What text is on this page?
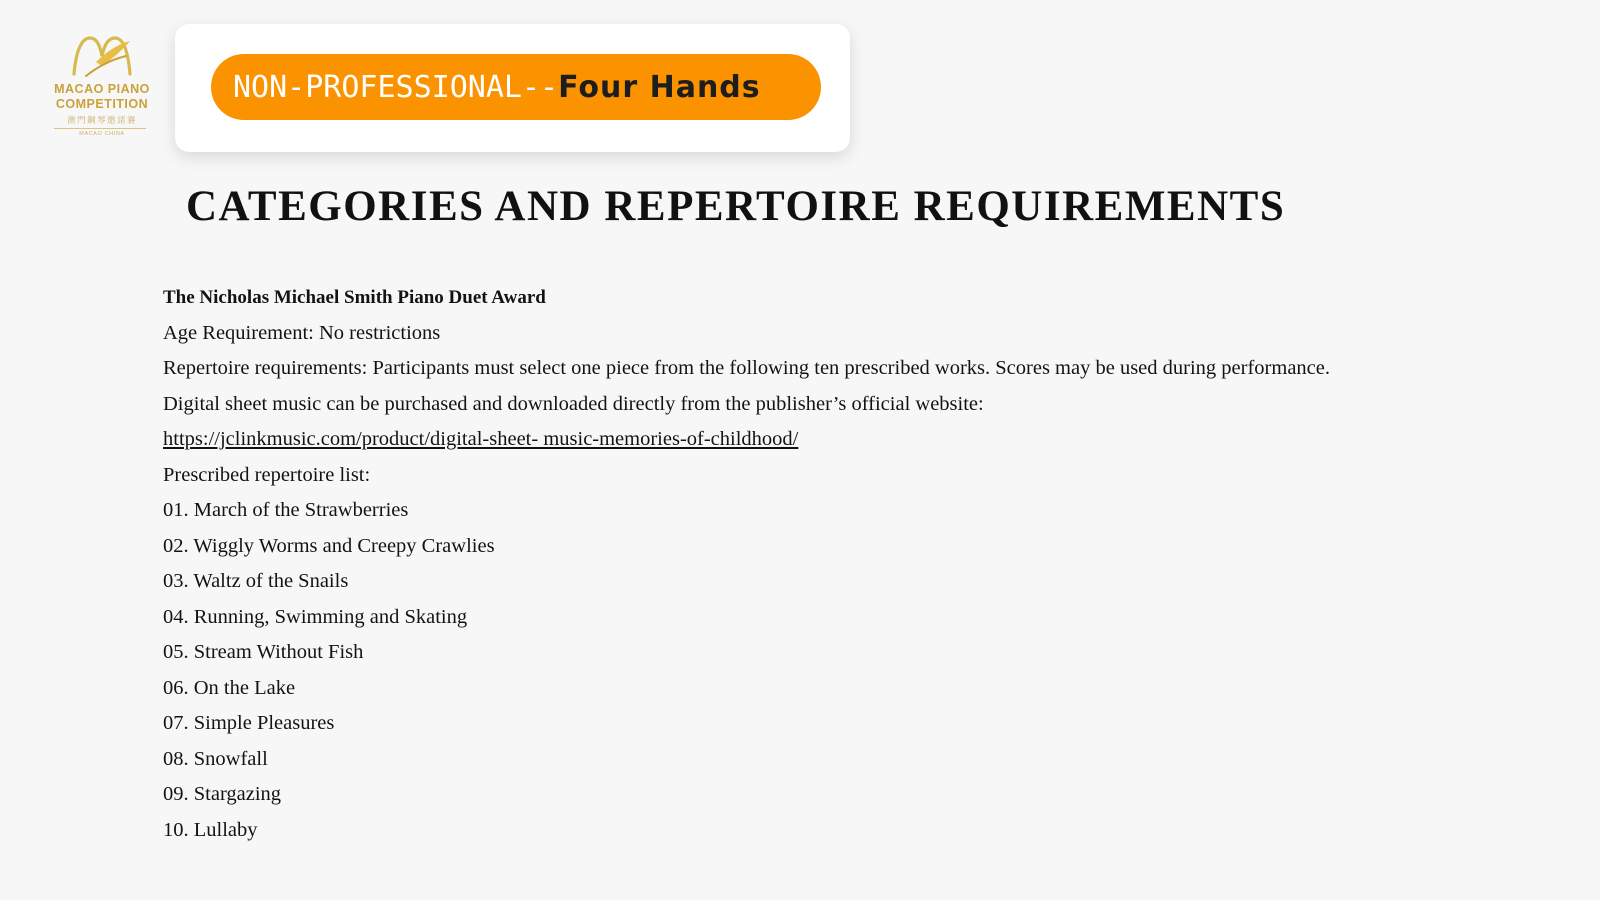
MACAO PIANO
COMPETITION
澳門鋼琴邀請賽
MACAO CHINA
NON-PROFESSIONAL--Four Hands
CATEGORIES AND REPERTOIRE REQUIREMENTS

The Nicholas Michael Smith Piano Duet Award

Age Requirement: No restrictions

Repertoire requirements: Participants must select one piece from the following ten prescribed works. Scores may be used during performance.

Digital sheet music can be purchased and downloaded directly from the publisher’s official website:

https://jclinkmusic.com/product/digital-sheet- music-memories-of-childhood/

Prescribed repertoire list:

01. March of the Strawberries

02. Wiggly Worms and Creepy Crawlies

03. Waltz of the Snails

04. Running, Swimming and Skating

05. Stream Without Fish

06. On the Lake

07. Simple Pleasures

08. Snowfall

09. Stargazing

10. Lullaby
